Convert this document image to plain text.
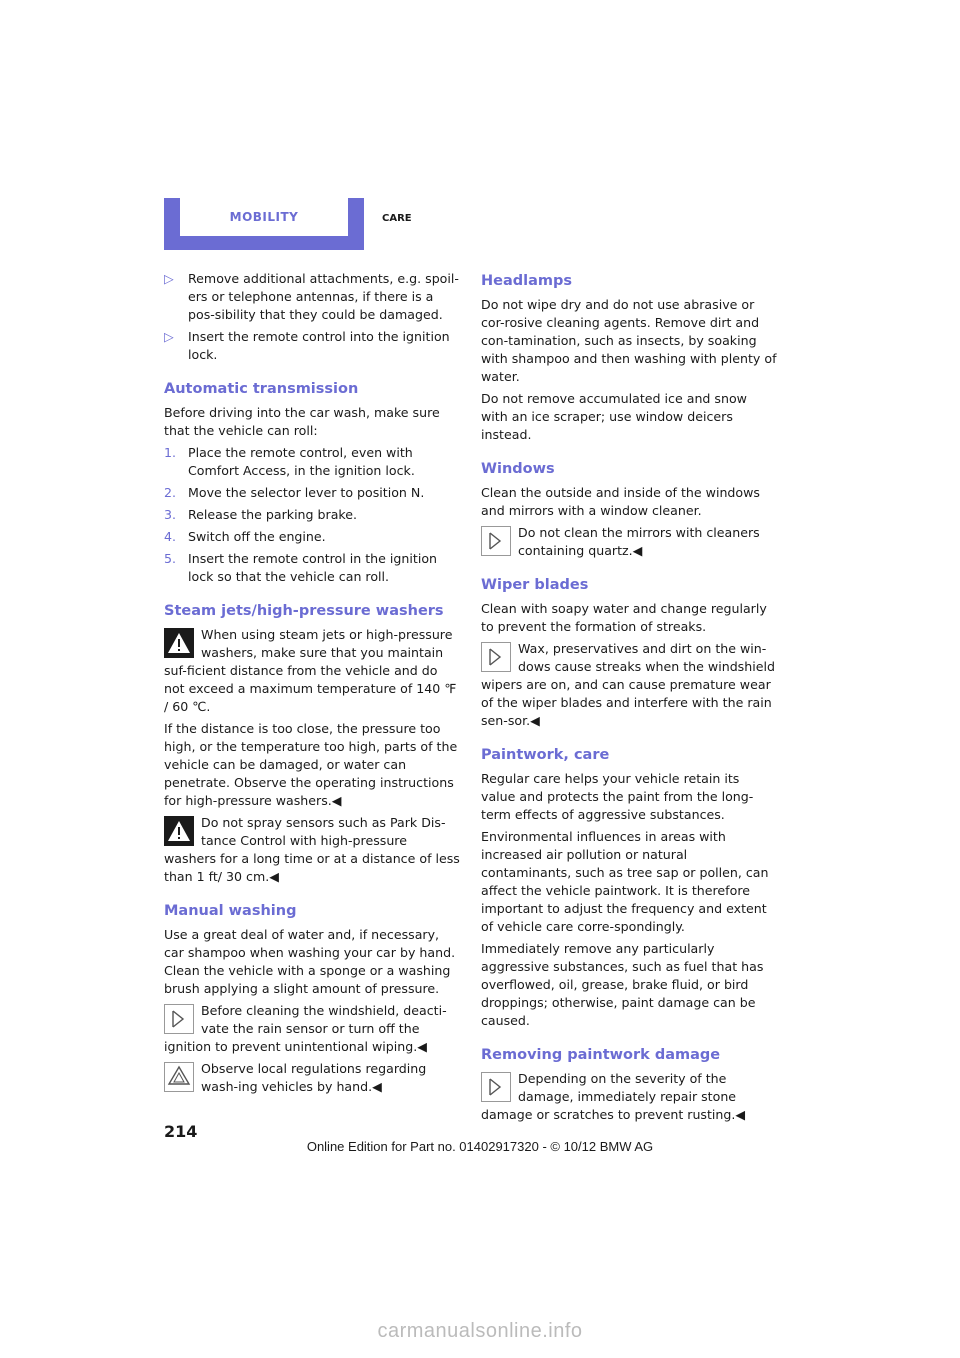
MOBILITY	CARE
▷	Remove additional attachments, e.g. spoil-ers or telephone antennas, if there is a pos-sibility that they could be damaged.
▷	Insert the remote control into the ignition lock.
Automatic transmission

Before driving into the car wash, make sure that the vehicle can roll:

1. Place the remote control, even with Comfort Access, in the ignition lock.
2. Move the selector lever to position N.
3. Release the parking brake.
4. Switch off the engine.
5. Insert the remote control in the ignition lock so that the vehicle can roll.
Steam jets/high-pressure washers
When using steam jets or high-pressure washers, make sure that you maintain suf-ficient distance from the vehicle and do not exceed a maximum temperature of 140 ℉ / 60 ℃.

If the distance is too close, the pressure too high, or the temperature too high, parts of the vehicle can be damaged, or water can penetrate. Observe the operating instructions for high-pressure washers.◀

Do not spray sensors such as Park Dis-tance Control with high-pressure washers for a long time or at a distance of less than 1 ft/ 30 cm.◀
Manual washing

Use a great deal of water and, if necessary, car shampoo when washing your car by hand. Clean the vehicle with a sponge or a washing brush applying a slight amount of pressure.

Before cleaning the windshield, deacti-vate the rain sensor or turn off the ignition to prevent unintentional wiping.◀
Observe local regulations regarding wash-ing vehicles by hand.◀
Headlamps

Do not wipe dry and do not use abrasive or cor-rosive cleaning agents. Remove dirt and con-tamination, such as insects, by soaking with shampoo and then washing with plenty of water.

Do not remove accumulated ice and snow with an ice scraper; use window deicers instead.

Windows

Clean the outside and inside of the windows and mirrors with a window cleaner.

Do not clean the mirrors with cleaners containing quartz.◀
Wiper blades

Clean with soapy water and change regularly to prevent the formation of streaks.

Wax, preservatives and dirt on the win-dows cause streaks when the windshield wipers are on, and can cause premature wear of the wiper blades and interfere with the rain sen-sor.◀
Paintwork, care

Regular care helps your vehicle retain its value and protects the paint from the long-term effects of aggressive substances.

Environmental influences in areas with increased air pollution or natural contaminants, such as tree sap or pollen, can affect the vehicle paintwork. It is therefore important to adjust the frequency and extent of vehicle care corre-spondingly.

Immediately remove any particularly aggressive substances, such as fuel that has overflowed, oil, grease, brake fluid, or bird droppings; otherwise, paint damage can be caused.

Removing paintwork damage
Depending on the severity of the damage, immediately repair stone damage or scratches to prevent rusting.◀
214
Online Edition for Part no. 01402917320 - © 10/12 BMW AG
carmanualsonline.info
